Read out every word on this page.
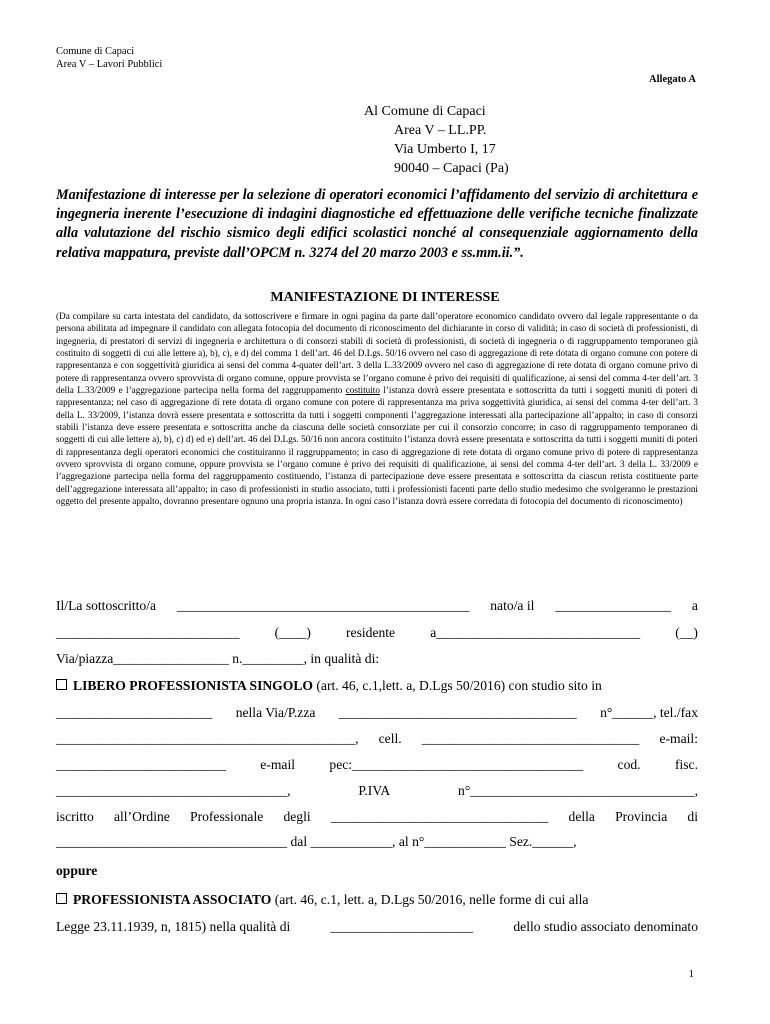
Comune di Capaci
Area V – Lavori Pubblici
Allegato A
Al Comune di Capaci
Area V – LL.PP.
Via Umberto I, 17
90040 – Capaci (Pa)
Manifestazione di interesse per la selezione di operatori economici l’affidamento del servizio di architettura e ingegneria inerente l’esecuzione di indagini diagnostiche ed effettuazione delle verifiche tecniche finalizzate alla valutazione del rischio sismico degli edifici scolastici nonché al consequenziale aggiornamento della relativa mappatura, previste dall’OPCM n. 3274 del 20 marzo 2003 e ss.mm.ii.”.
MANIFESTAZIONE DI INTERESSE
(Da compilare su carta intestata del candidato, da sottoscrivere e firmare in ogni pagina da parte dall’operatore economico candidato ovvero dal legale rappresentante o da persona abilitata ad impegnare il candidato con allegata fotocopia del documento di riconoscimento del dichiarante in corso di validità; in caso di società di professionisti, di ingegneria, di prestatori di servizi di ingegneria e architettura o di consorzi stabili di società di professionisti, di società di ingegneria o di raggruppamento temporaneo già costituito di soggetti di cui alle lettere a), b), c), e d) del comma 1 dell’art. 46 del D.Lgs. 50/16 ovvero nel caso di aggregazione di rete dotata di organo comune con potere di rappresentanza e con soggettività giuridica ai sensi del comma 4-quater dell’art. 3 della L.33/2009 ovvero nel caso di aggregazione di rete dotata di organo comune privo di potere di rappresentanza ovvero sprovvista di organo comune, oppure provvista se l’organo comune è privo dei requisiti di qualificazione, ai sensi del comma 4-ter dell’art. 3 della L.33/2009 e l’aggregazione partecipa nella forma del raggruppamento costituito l’istanza dovrà essere presentata e sottoscritta da tutti i soggetti muniti di poteri di rappresentanza; nel caso di aggregazione di rete dotata di organo comune con potere di rappresentanza ma priva soggettività giuridica, ai sensi del comma 4-ter dell’art. 3 della L. 33/2009, l’istanza dovrà essere presentata e sottoscritta da tutti i soggetti componenti l’aggregazione interessati alla partecipazione all’appalto; in caso di consorzi stabili l’istanza deve essere presentata e sottoscritta anche da ciascuna delle società consorziate per cui il consorzio concorre; in caso di raggruppamento temporaneo di soggetti di cui alle lettere a), b), c) d) ed e) dell’art. 46 del D.Lgs. 50/16 non ancora costituito l’istanza dovrà essere presentata e sottoscritta da tutti i soggetti muniti di poteri di rappresentanza degli operatori economici che costituiranno il raggruppamento; in caso di aggregazione di rete dotata di organo comune privo di potere di rappresentanza ovvero sprovvista di organo comune, oppure provvista se l’organo comune è privo dei requisiti di qualificazione, ai sensi del comma 4-ter dell’art. 3 della L. 33/2009 e l’aggregazione partecipa nella forma del raggruppamento costituendo, l’istanza di partecipazione deve essere presentata e sottoscritta da ciascun retista costituente parte dell’aggregazione interessata all’appalto; in caso di professionisti in studio associato, tutti i professionisti facenti parte dello studio medesimo che svolgeranno le prestazioni oggetto del presente appalto, dovranno presentare ognuno una propria istanza. In ogni caso l’istanza dovrà essere corredata di fotocopia del documento di riconoscimento)
Il/La sottoscritto/a ___________________________________________ nato/a il _________________ a
___________________________	(____)	residente	a______________________________	(__)
Via/piazza_________________ n._________, in qualità di:
LIBERO PROFESSIONISTA SINGOLO (art. 46, c.1,lett. a, D.Lgs 50/2016) con studio sito in
_______________________ nella Via/P.zza ___________________________________ n°______, tel./fax
____________________________________________, cell. ________________________________ e-mail:
_________________________	e-mail	pec:__________________________________	cod.	fisc.
__________________________________,	P.IVA	n°_________________________________,
iscritto all’Ordine Professionale degli ________________________________ della Provincia di
__________________________________ dal ____________, al n°____________ Sez.______,
oppure
PROFESSIONISTA ASSOCIATO (art. 46, c.1, lett. a, D.Lgs 50/2016, nelle forme di cui alla
Legge 23.11.1939, n, 1815) nella qualità di	_____________________	dello studio associato denominato
1
